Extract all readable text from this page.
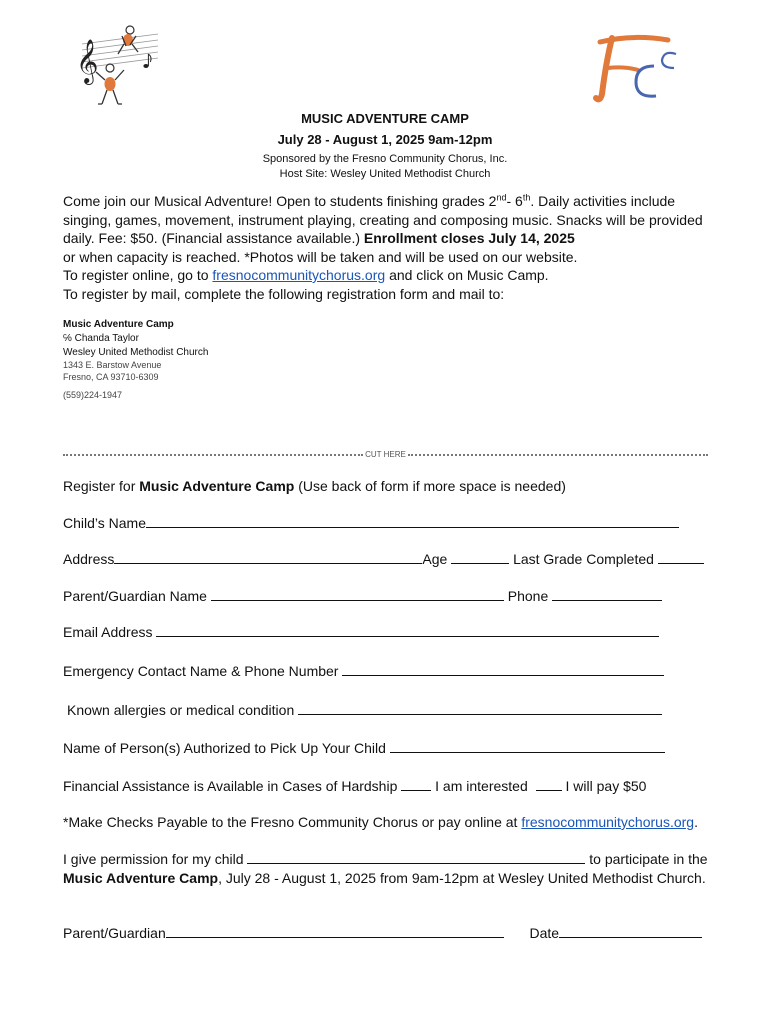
𝄞
MUSIC ADVENTURE CAMP
July 28 - August 1, 2025 9am-12pm
Sponsored by the Fresno Community Chorus, Inc.
Host Site: Wesley United Methodist Church
Come join our Musical Adventure! Open to students finishing grades 2nd- 6th. Daily activities include singing, games, movement, instrument playing, creating and composing music. Snacks will be provided daily. Fee: $50. (Financial assistance available.) Enrollment closes July 14, 2025
or when capacity is reached. *Photos will be taken and will be used on our website.
To register online, go to fresnocommunitychorus.org and click on Music Camp.
To register by mail, complete the following registration form and mail to:
Music Adventure Camp
℅ Chanda Taylor
Wesley United Methodist Church
1343 E. Barstow Avenue
Fresno, CA 93710-6309
(559)224-1947
CUT HERE
Register for Music Adventure Camp (Use back of form if more space is needed)
Child’s Name
Address	Age	Last Grade Completed
Parent/Guardian Name	Phone
Email Address
Emergency Contact Name & Phone Number
Known allergies or medical condition
Name of Person(s) Authorized to Pick Up Your Child
Financial Assistance is Available in Cases of Hardship	I am interested	I will pay $50
*Make Checks Payable to the Fresno Community Chorus or pay online at fresnocommunitychorus.org.
I give permission for my child	to participate in the Music Adventure Camp, July 28 - August 1, 2025 from 9am-12pm at Wesley United Methodist Church.
Parent/Guardian	Date
